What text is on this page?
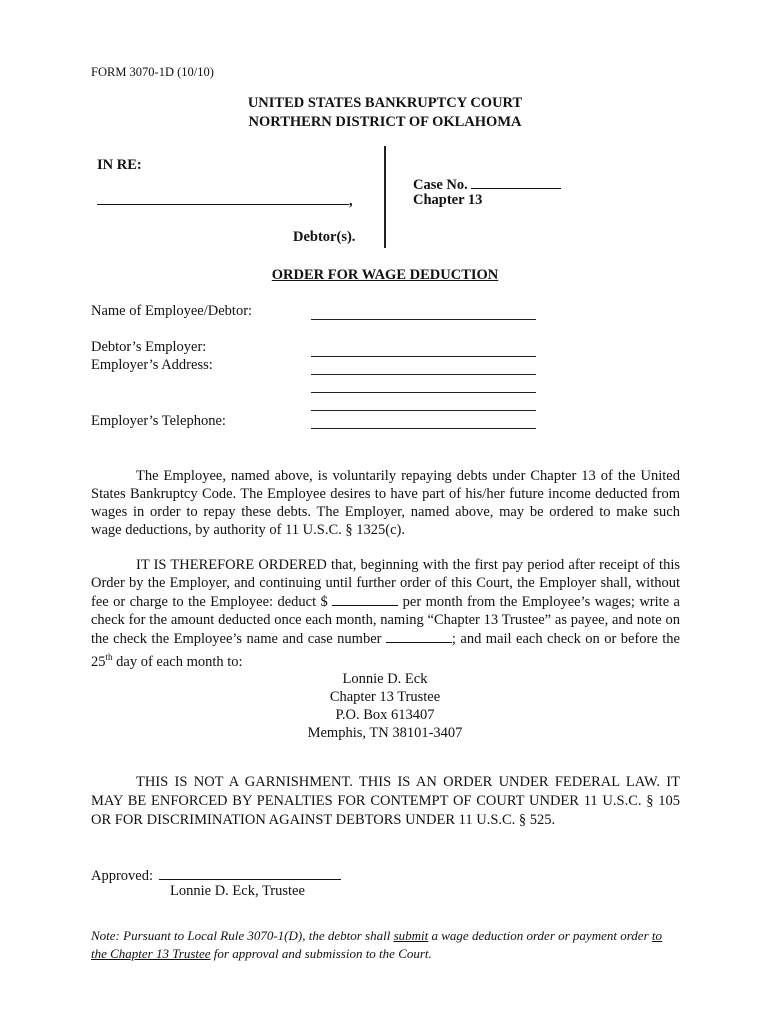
FORM 3070-1D (10/10)
UNITED STATES BANKRUPTCY COURT
NORTHERN DISTRICT OF OKLAHOMA
IN RE:
,
Debtor(s).
Case No.
Chapter 13
ORDER FOR WAGE DEDUCTION
Name of Employee/Debtor:
Debtor’s Employer:
Employer’s Address:
Employer’s Telephone:
The Employee, named above, is voluntarily repaying debts under Chapter 13 of the United States Bankruptcy Code. The Employee desires to have part of his/her future income deducted from wages in order to repay these debts. The Employer, named above, may be ordered to make such wage deductions, by authority of 11 U.S.C. § 1325(c).
IT IS THEREFORE ORDERED that, beginning with the first pay period after receipt of this Order by the Employer, and continuing until further order of this Court, the Employer shall, without fee or charge to the Employee: deduct $	per month from the Employee’s wages; write a check for the amount deducted once each month, naming “Chapter 13 Trustee” as payee, and note on the check the Employee’s name and case number	; and mail each check on or before the 25th day of each month to:
Lonnie D. Eck
Chapter 13 Trustee
P.O. Box 613407
Memphis, TN 38101-3407
THIS IS NOT A GARNISHMENT. THIS IS AN ORDER UNDER FEDERAL LAW. IT MAY BE ENFORCED BY PENALTIES FOR CONTEMPT OF COURT UNDER 11 U.S.C. § 105 OR FOR DISCRIMINATION AGAINST DEBTORS UNDER 11 U.S.C. § 525.
Approved:
Lonnie D. Eck, Trustee
Note: Pursuant to Local Rule 3070-1(D), the debtor shall submit a wage deduction order or payment order to the Chapter 13 Trustee for approval and submission to the Court.
